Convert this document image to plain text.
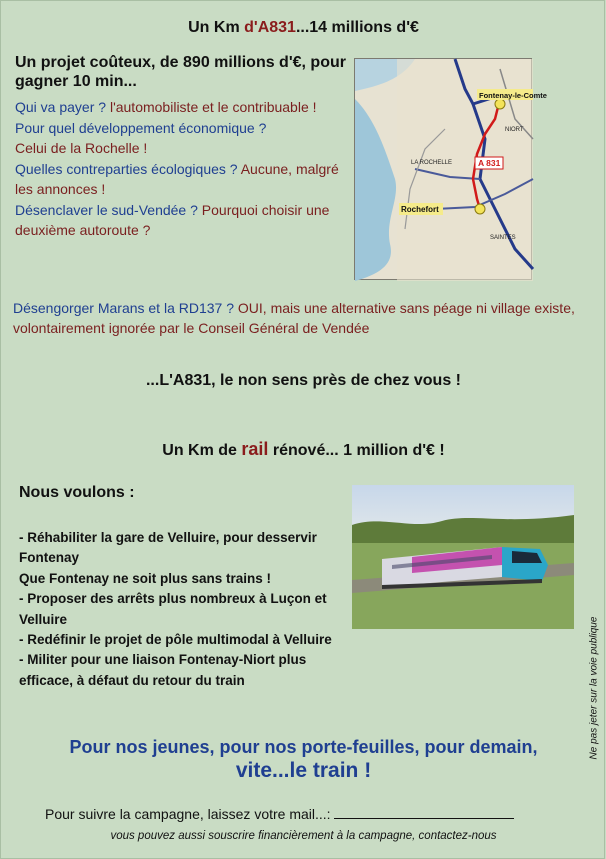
Un Km d'A831...14 millions d'€
Un projet coûteux, de 890 millions d'€, pour gagner 10 min...
Qui va payer ? l'automobiliste et le contribuable !
Pour quel développement économique ?
Celui de la Rochelle !
Quelles contreparties écologiques ? Aucune, malgré les annonces !
Désenclaver le sud-Vendée ? Pourquoi choisir une deuxième autoroute ?
Fontenay-le-Comte
A 831
Rochefort
LA ROCHELLE
NIORT
SAINTES
Désengorger Marans et la RD137 ? OUI, mais une alternative sans péage ni village existe, volontairement ignorée par le Conseil Général de Vendée
...L'A831, le non sens près de chez vous !
Un Km de rail rénové... 1 million d'€ !
Nous voulons :
- Réhabiliter la gare de Velluire, pour desservir Fontenay
Que Fontenay ne soit plus sans trains !
- Proposer des arrêts plus nombreux à Luçon et Velluire
- Redéfinir le projet de pôle multimodal à Velluire
- Militer pour une liaison Fontenay-Niort plus efficace, à défaut du retour du train	Ne pas jeter sur la voie publique
Pour nos jeunes, pour nos porte-feuilles, pour demain,
vite...le train !
Pour suivre la campagne, laissez votre mail...:
vous pouvez aussi souscrire financièrement à la campagne, contactez-nous
